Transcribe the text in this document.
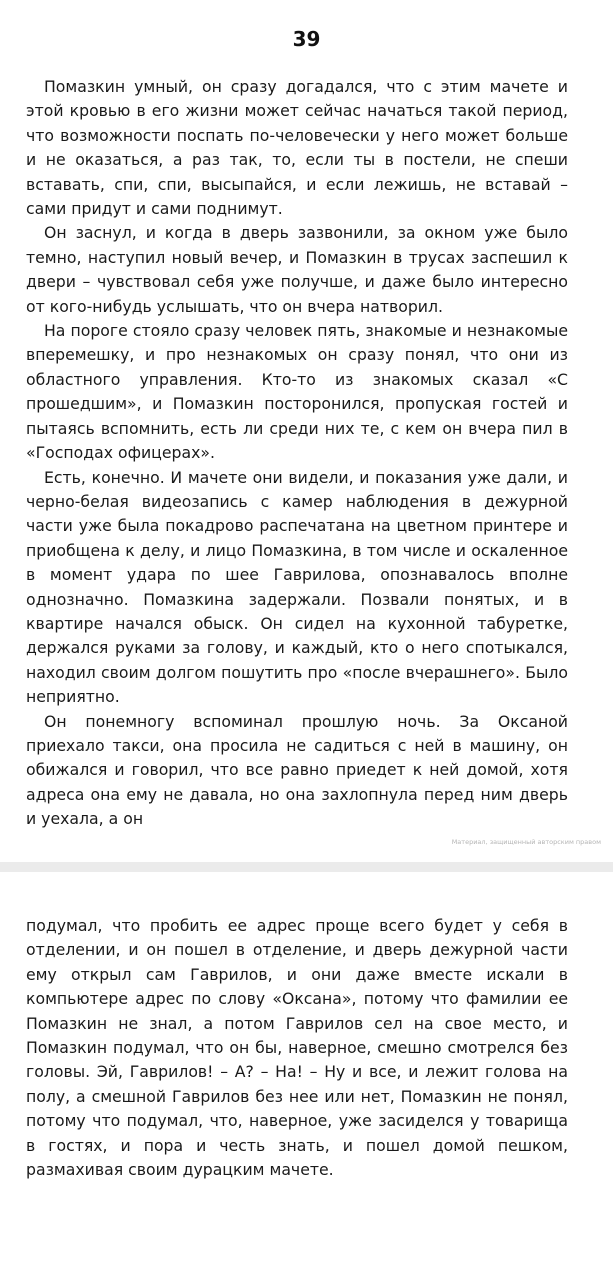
39

Помазкин умный, он сразу догадался, что с этим мачете и этой кровью в его жизни может сейчас начаться такой период, что возможности поспать по-человечески у него может больше и не оказаться, а раз так, то, если ты в постели, не спеши вставать, спи, спи, высыпайся, и если лежишь, не вставай – сами придут и сами поднимут.

Он заснул, и когда в дверь зазвонили, за окном уже было темно, наступил новый вечер, и Помазкин в трусах заспешил к двери – чувствовал себя уже получше, и даже было интересно от кого-нибудь услышать, что он вчера натворил.

На пороге стояло сразу человек пять, знакомые и незнакомые вперемешку, и про незнакомых он сразу понял, что они из областного управления. Кто-то из знакомых сказал «С прошедшим», и Помазкин посторонился, пропуская гостей и пытаясь вспомнить, есть ли среди них те, с кем он вчера пил в «Господах офицерах».

Есть, конечно. И мачете они видели, и показания уже дали, и черно-белая видеозапись с камер наблюдения в дежурной части уже была покадрово распечатана на цветном принтере и приобщена к делу, и лицо Помазкина, в том числе и оскаленное в момент удара по шее Гаврилова, опознавалось вполне однозначно. Помазкина задержали. Позвали понятых, и в квартире начался обыск. Он сидел на кухонной табуретке, держался руками за голову, и каждый, кто о него спотыкался, находил своим долгом пошутить про «после вчерашнего». Было неприятно.

Он понемногу вспоминал прошлую ночь. За Оксаной приехало такси, она просила не садиться с ней в машину, он обижался и говорил, что все равно приедет к ней домой, хотя адреса она ему не давала, но она захлопнула перед ним дверь и уехала, а он

Материал, защищенный авторским правом

подумал, что пробить ее адрес проще всего будет у себя в отделении, и он пошел в отделение, и дверь дежурной части ему открыл сам Гаврилов, и они даже вместе искали в компьютере адрес по слову «Оксана», потому что фамилии ее Помазкин не знал, а потом Гаврилов сел на свое место, и Помазкин подумал, что он бы, наверное, смешно смотрелся без головы. Эй, Гаврилов! – А? – На! – Ну и все, и лежит голова на полу, а смешной Гаврилов без нее или нет, Помазкин не понял, потому что подумал, что, наверное, уже засиделся у товарища в гостях, и пора и честь знать, и пошел домой пешком, размахивая своим дурацким мачете.
